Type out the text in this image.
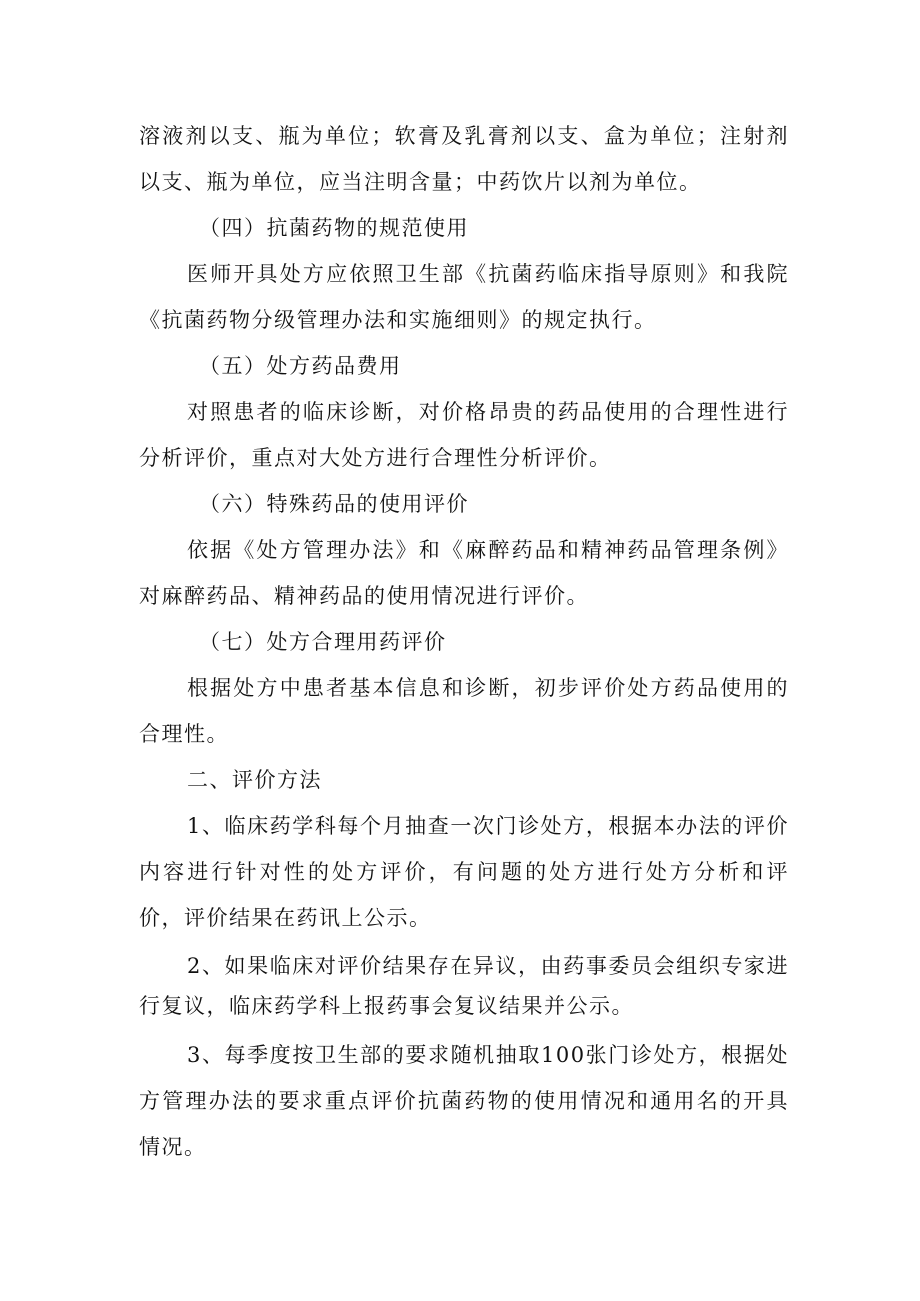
溶液剂以支、瓶为单位；软膏及乳膏剂以支、盒为单位；注射剂以支、瓶为单位，应当注明含量；中药饮片以剂为单位。

（四）抗菌药物的规范使用

医师开具处方应依照卫生部《抗菌药临床指导原则》和我院《抗菌药物分级管理办法和实施细则》的规定执行。

（五）处方药品费用

对照患者的临床诊断，对价格昂贵的药品使用的合理性进行分析评价，重点对大处方进行合理性分析评价。

（六）特殊药品的使用评价

依据《处方管理办法》和《麻醉药品和精神药品管理条例》对麻醉药品、精神药品的使用情况进行评价。

（七）处方合理用药评价

根据处方中患者基本信息和诊断，初步评价处方药品使用的合理性。

二、评价方法

1、临床药学科每个月抽查一次门诊处方，根据本办法的评价内容进行针对性的处方评价，有问题的处方进行处方分析和评价，评价结果在药讯上公示。

2、如果临床对评价结果存在异议，由药事委员会组织专家进行复议，临床药学科上报药事会复议结果并公示。

3、每季度按卫生部的要求随机抽取100张门诊处方，根据处方管理办法的要求重点评价抗菌药物的使用情况和通用名的开具情况。
